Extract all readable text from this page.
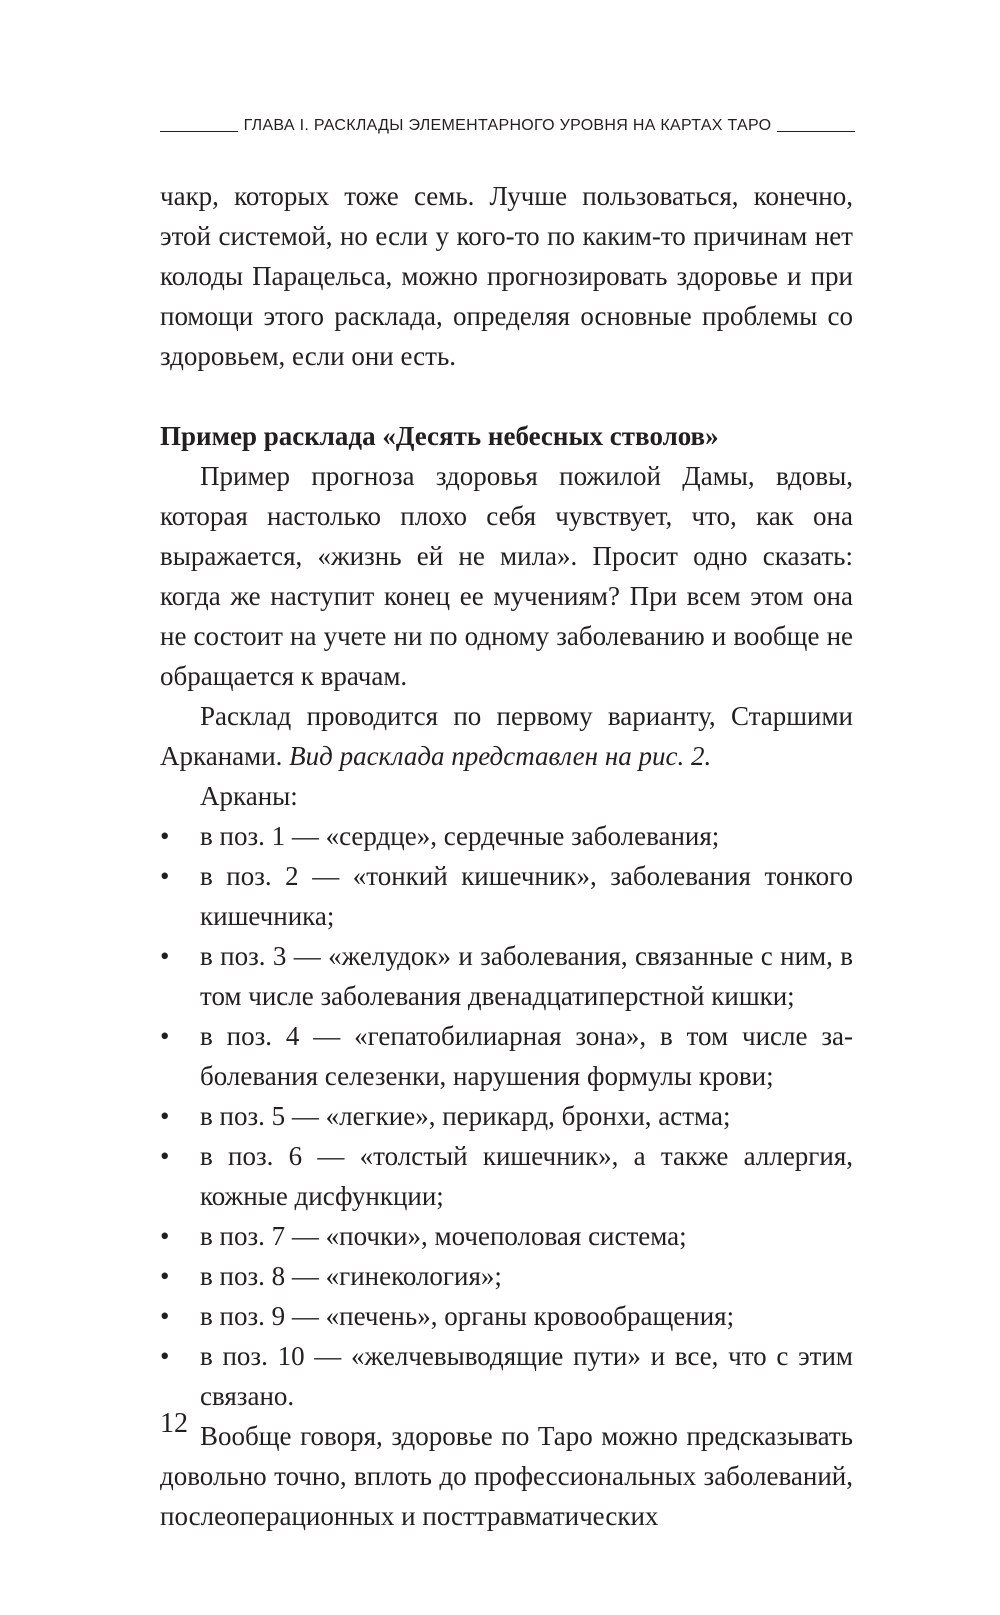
ГЛАВА I. РАСКЛАДЫ ЭЛЕМЕНТАРНОГО УРОВНЯ НА КАРТАХ ТАРО

чакр, которых тоже семь. Лучше пользоваться, конечно, этой системой, но если у кого-то по каким-то причинам нет колоды Парацельса, можно прогнозировать здоровье и при помощи этого расклада, определяя основные проблемы со здоровьем, если они есть.

Пример расклада «Десять небесных стволов»

Пример прогноза здоровья пожилой Дамы, вдовы, которая настолько плохо себя чувствует, что, как она выражается, «жизнь ей не мила». Просит одно сказать: когда же наступит конец ее мучениям? При всем этом она не состоит на учете ни по одному заболеванию и вообще не обращается к врачам.

Расклад проводится по первому варианту, Старшими Арканами. Вид расклада представлен на рис. 2.

Арканы:

•	в поз. 1 — «сердце», сердечные заболевания;
•	в поз. 2 — «тонкий кишечник», заболевания тонкого кишечника;
•	в поз. 3 — «желудок» и заболевания, связанные с ним, в том числе заболевания двенадцатиперстной кишки;
•	в поз. 4 — «гепатобилиарная зона», в том числе заболевания селезенки, нарушения формулы крови;
•	в поз. 5 — «легкие», перикард, бронхи, астма;
•	в поз. 6 — «толстый кишечник», а также аллергия, кожные дисфункции;
•	в поз. 7 — «почки», мочеполовая система;
•	в поз. 8 — «гинекология»;
•	в поз. 9 — «печень», органы кровообращения;
•	в поз. 10 — «желчевыводящие пути» и все, что с этим связано.

Вообще говоря, здоровье по Таро можно предсказывать довольно точно, вплоть до профессиональных заболеваний, послеоперационных и посттравматических

12
